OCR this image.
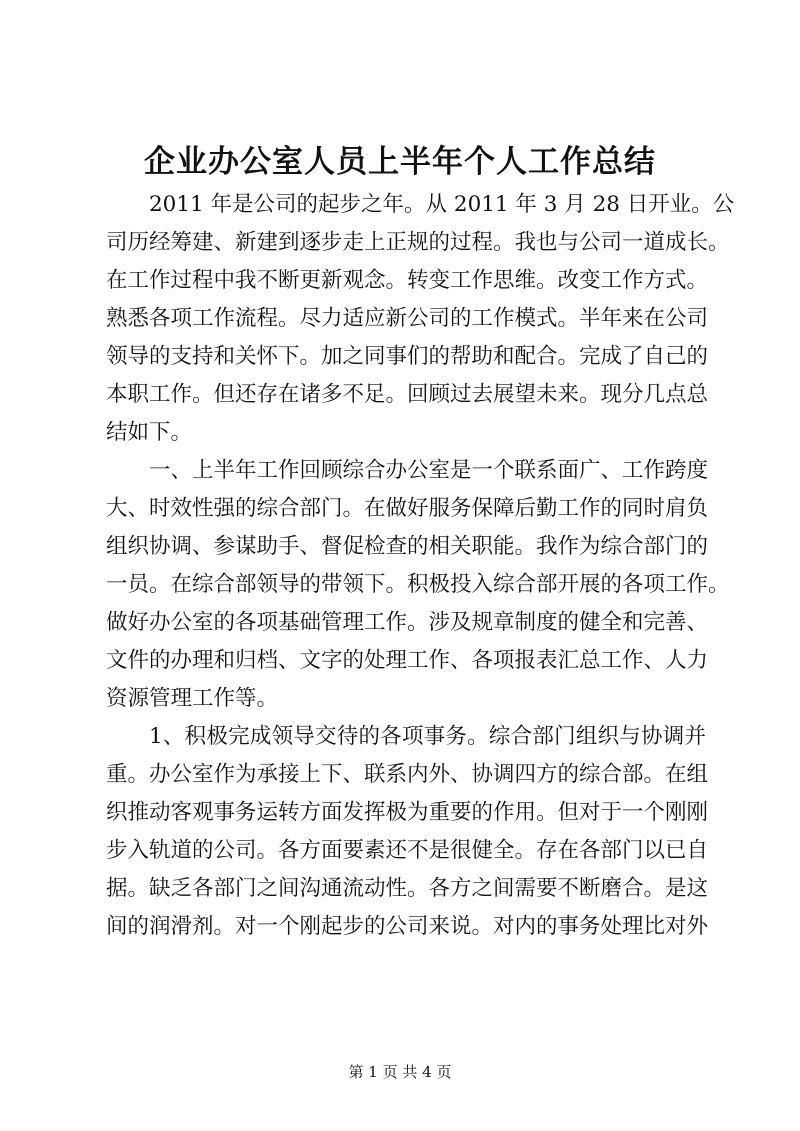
企业办公室人员上半年个人工作总结
2011 年是公司的起步之年。从 2011 年 3 月 28 日开业。公
司历经筹建、新建到逐步走上正规的过程。我也与公司一道成长。
在工作过程中我不断更新观念。转变工作思维。改变工作方式。
熟悉各项工作流程。尽力适应新公司的工作模式。半年来在公司
领导的支持和关怀下。加之同事们的帮助和配合。完成了自己的
本职工作。但还存在诸多不足。回顾过去展望未来。现分几点总
结如下。
一、上半年工作回顾综合办公室是一个联系面广、工作跨度
大、时效性强的综合部门。在做好服务保障后勤工作的同时肩负
组织协调、参谋助手、督促检查的相关职能。我作为综合部门的
一员。在综合部领导的带领下。积极投入综合部开展的各项工作。
做好办公室的各项基础管理工作。涉及规章制度的健全和完善、
文件的办理和归档、文字的处理工作、各项报表汇总工作、人力
资源管理工作等。
1、积极完成领导交待的各项事务。综合部门组织与协调并
重。办公室作为承接上下、联系内外、协调四方的综合部。在组
织推动客观事务运转方面发挥极为重要的作用。但对于一个刚刚
步入轨道的公司。各方面要素还不是很健全。存在各部门以已自
据。缺乏各部门之间沟通流动性。各方之间需要不断磨合。是这
间的润滑剂。对一个刚起步的公司来说。对内的事务处理比对外
第 1 页 共 4 页
